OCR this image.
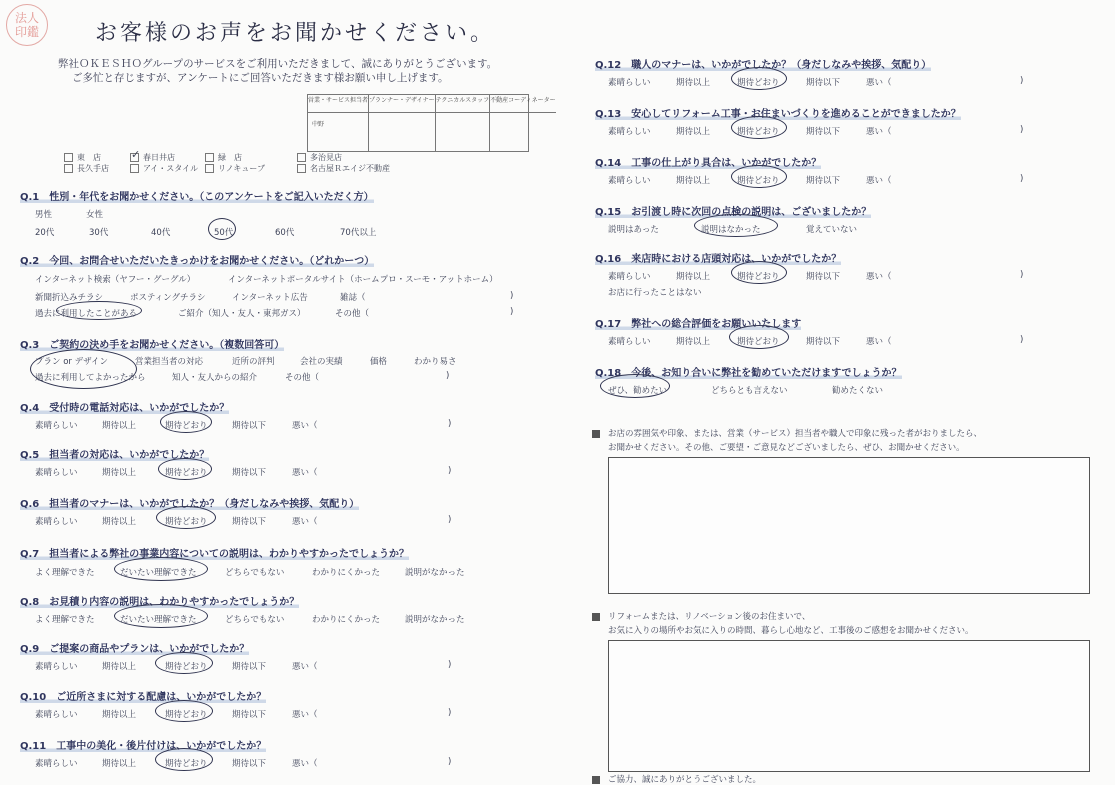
法人
印鑑	お客様のお声をお聞かせください。
弊社ＯＫＥＳＨＯグループのサービスをご利用いただきまして、誠にありがとうございます。
ご多忙と存じますが、アンケートにご回答いただきます様お願い申し上げます。
営業・サービス担当者 プランナー・デザイナー テクニカルスタッフ 不動産コーディネーター
中野
東　店	✓ 春日井店	緑　店	多治見店
長久手店	アイ・スタイル	リノキューブ	名古屋Ｒエイジ不動産
Q.1　性別・年代をお聞かせください。（このアンケートをご記入いただく方）
男性	女性
20代	30代	40代	50代	60代	70代以上
Q.2　今回、お問合せいただいたきっかけをお聞かせください。（どれかーつ）
インターネット検索（ヤフー・グーグル）	インターネットポータルサイト（ホームプロ・スーモ・アットホーム）
新聞折込みチラシ	ポスティングチラシ	インターネット広告	雑誌（	)
過去に利用したことがある	ご紹介（知人・友人・東邦ガス）	その他（	)
Q.3　ご契約の決め手をお聞かせください。（複数回答可）
プラン or デザイン	営業担当者の対応	近所の評判	会社の実績	価格	わかり易さ
過去に利用してよかったから	知人・友人からの紹介	その他（	)
Q.4　受付時の電話対応は、いかがでしたか？
素晴らしい	期待以上	期待どおり	期待以下	悪い（	)
Q.5　担当者の対応は、いかがでしたか？
素晴らしい	期待以上	期待どおり	期待以下	悪い（	)
Q.6　担当者のマナーは、いかがでしたか？（身だしなみや挨拶、気配り）
素晴らしい	期待以上	期待どおり	期待以下	悪い（	)
Q.7　担当者による弊社の事業内容についての説明は、わかりやすかったでしょうか？
よく理解できた	だいたい理解できた	どちらでもない	わかりにくかった	説明がなかった
Q.8　お見積り内容の説明は、わかりやすかったでしょうか？
よく理解できた	だいたい理解できた	どちらでもない	わかりにくかった	説明がなかった
Q.9　ご提案の商品やプランは、いかがでしたか？
素晴らしい	期待以上	期待どおり	期待以下	悪い（	)
Q.10　ご近所さまに対する配慮は、いかがでしたか？
素晴らしい	期待以上	期待どおり	期待以下	悪い（	)
Q.11　工事中の美化・後片付けは、いかがでしたか？
素晴らしい	期待以上	期待どおり	期待以下	悪い（	)
Q.12　職人のマナーは、いかがでしたか？（身だしなみや挨拶、気配り）
素晴らしい	期待以上	期待どおり	期待以下	悪い（	)
Q.13　安心してリフォーム工事・お住まいづくりを進めることができましたか？
素晴らしい	期待以上	期待どおり	期待以下	悪い（	)
Q.14　工事の仕上がり具合は、いかがでしたか？
素晴らしい	期待以上	期待どおり	期待以下	悪い（	)
Q.15　お引渡し時に次回の点検の説明は、ございましたか？
説明はあった	説明はなかった	覚えていない
Q.16　来店時における店頭対応は、いかがでしたか？
素晴らしい	期待以上	期待どおり	期待以下	悪い（	)
お店に行ったことはない
Q.17　弊社への総合評価をお願いいたします
素晴らしい	期待以上	期待どおり	期待以下	悪い（	)
Q.18　今後、お知り合いに弊社を勧めていただけますでしょうか？
ぜひ、勧めたい	どちらとも言えない	勧めたくない
お店の雰囲気や印象、または、営業（サービス）担当者や職人で印象に残った者がおりましたら、
お聞かせください。その他、ご要望・ご意見などございましたら、ぜひ、お聞かせください。
リフォームまたは、リノベーション後のお住まいで、
お気に入りの場所やお気に入りの時間、暮らし心地など、工事後のご感想をお聞かせください。
ご協力、誠にありがとうございました。
